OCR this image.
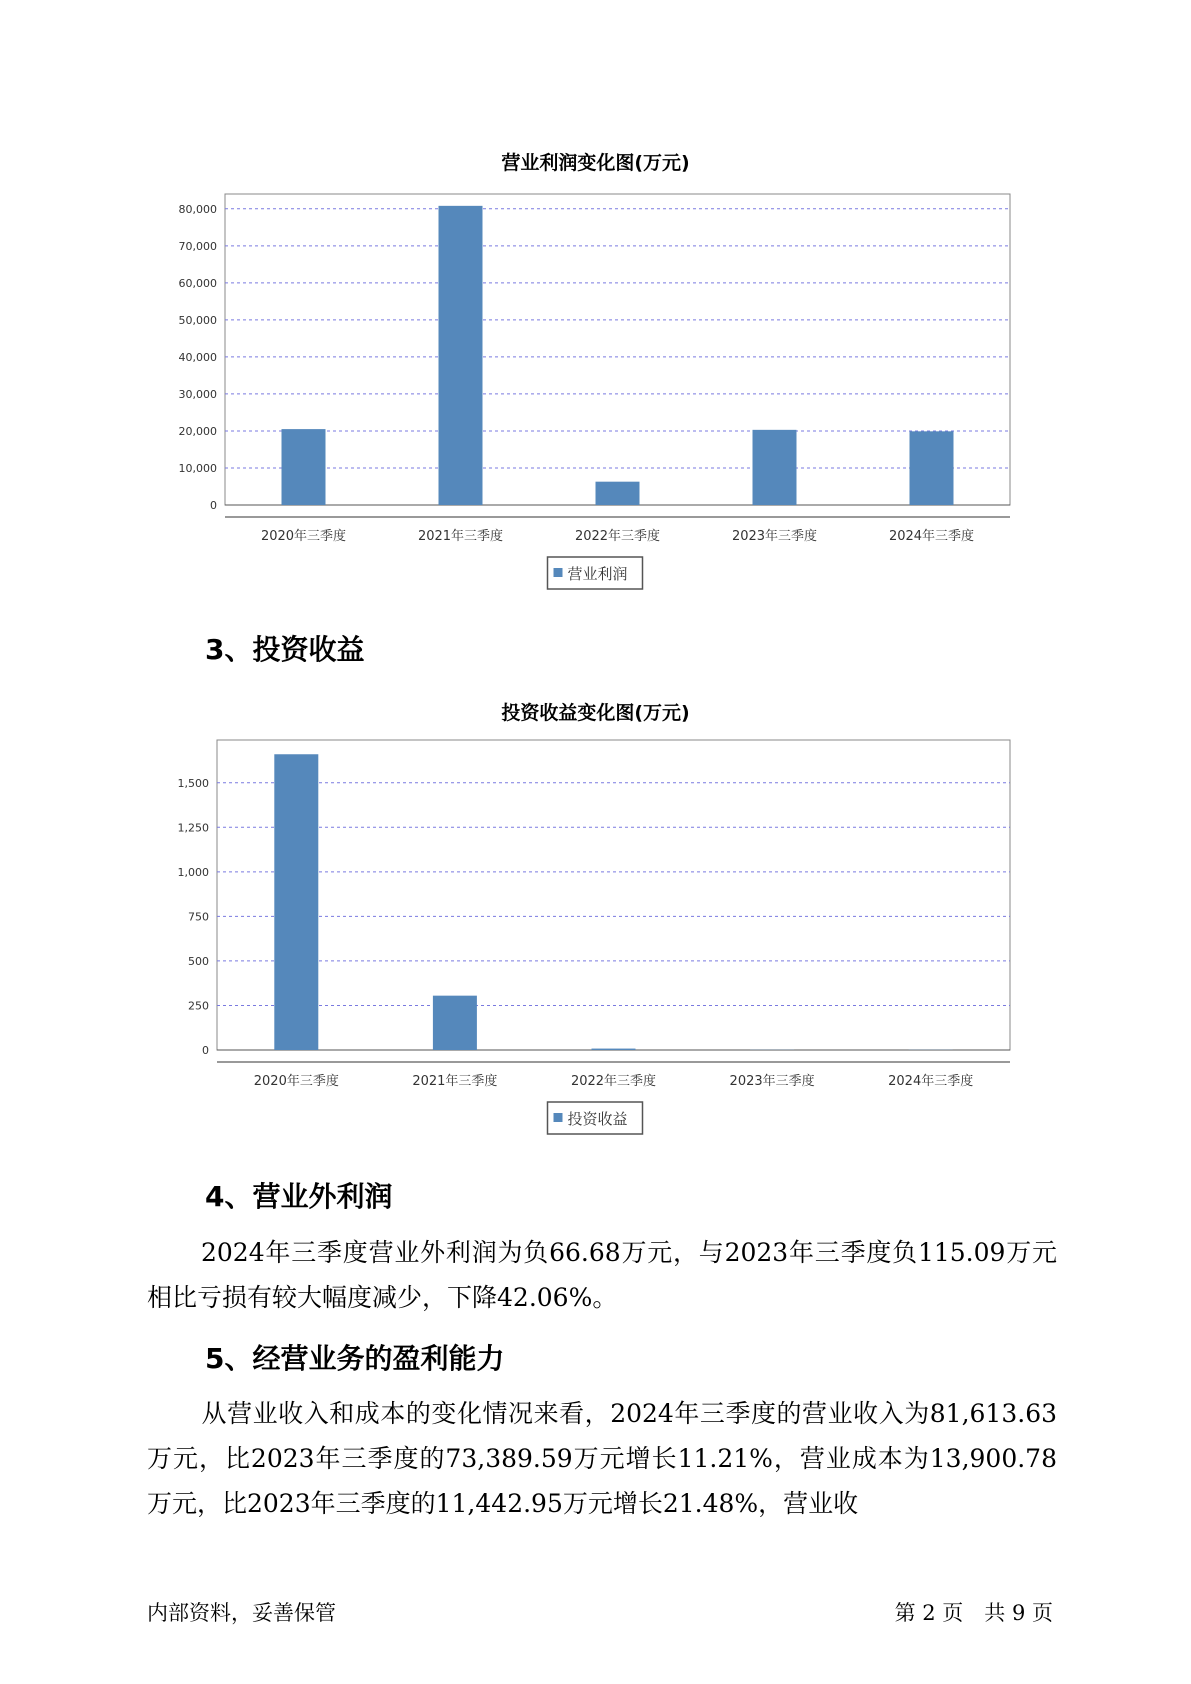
营业利润变化图(万元)
0
10,000
20,000
30,000
40,000
50,000
60,000
70,000
80,000
2020年三季度	2021年三季度	2022年三季度	2023年三季度	2024年三季度
营业利润
3、投资收益
投资收益变化图(万元)
0
250
500
750
1,000
1,250
1,500
2020年三季度	2021年三季度	2022年三季度	2023年三季度	2024年三季度
投资收益
4、营业外利润

2024年三季度营业外利润为负66.68万元，与2023年三季度负115.09万元相比亏损有较大幅度减少，下降42.06%。

5、经营业务的盈利能力

从营业收入和成本的变化情况来看，2024年三季度的营业收入为81,613.63万元，比2023年三季度的73,389.59万元增长11.21%，营业成本为13,900.78万元，比2023年三季度的11,442.95万元增长21.48%，营业收

内部资料，妥善保管	第 2 页　共 9 页
